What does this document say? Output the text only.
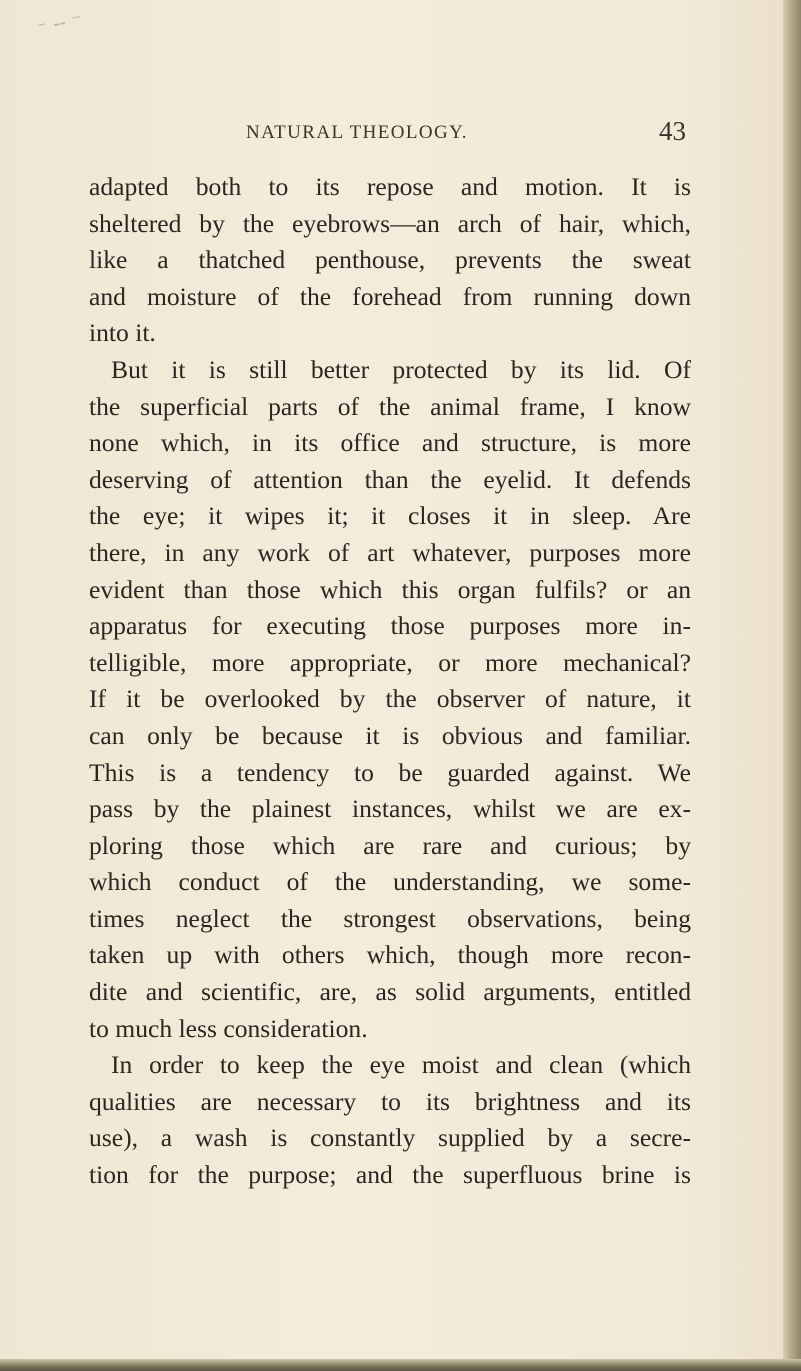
⁻ ╌ ⁻
NATURAL THEOLOGY.	43
adapted both to its repose and motion. It is
sheltered by the eyebrows—an arch of hair, which,
like a thatched penthouse, prevents the sweat
and moisture of the forehead from running down
into it.
But it is still better protected by its lid. Of
the superficial parts of the animal frame, I know
none which, in its office and structure, is more
deserving of attention than the eyelid. It defends
the eye; it wipes it; it closes it in sleep. Are
there, in any work of art whatever, purposes more
evident than those which this organ fulfils? or an
apparatus for executing those purposes more in-
telligible, more appropriate, or more mechanical?
If it be overlooked by the observer of nature, it
can only be because it is obvious and familiar.
This is a tendency to be guarded against. We
pass by the plainest instances, whilst we are ex-
ploring those which are rare and curious; by
which conduct of the understanding, we some-
times neglect the strongest observations, being
taken up with others which, though more recon-
dite and scientific, are, as solid arguments, entitled
to much less consideration.
In order to keep the eye moist and clean (which
qualities are necessary to its brightness and its
use), a wash is constantly supplied by a secre-
tion for the purpose; and the superfluous brine is
